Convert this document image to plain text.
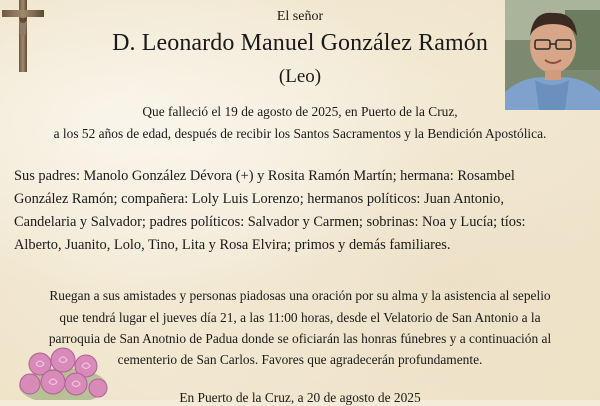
El señor
D. Leonardo Manuel González Ramón
(Leo)
Que falleció el 19 de agosto de 2025, en Puerto de la Cruz,
a los 52 años de edad, después de recibir los Santos Sacramentos y la Bendición Apostólica.
Sus padres: Manolo González Dévora (+) y Rosita Ramón Martín; hermana: Rosambel
González Ramón; compañera: Loly Luis Lorenzo; hermanos políticos: Juan Antonio,
Candelaria y Salvador; padres políticos: Salvador y Carmen; sobrinas: Noa y Lucía; tíos:
Alberto, Juanito, Lolo, Tino, Lita y Rosa Elvira; primos y demás familiares.
Ruegan a sus amistades y personas piadosas una oración por su alma y la asistencia al sepelio
que tendrá lugar el jueves día 21, a las 11:00 horas, desde el Velatorio de San Antonio a la
parroquia de San Anotnio de Padua donde se oficiarán las honras fúnebres y a continuación al
cementerio de San Carlos. Favores que agradecerán profundamente.
En Puerto de la Cruz, a 20 de agosto de 2025
